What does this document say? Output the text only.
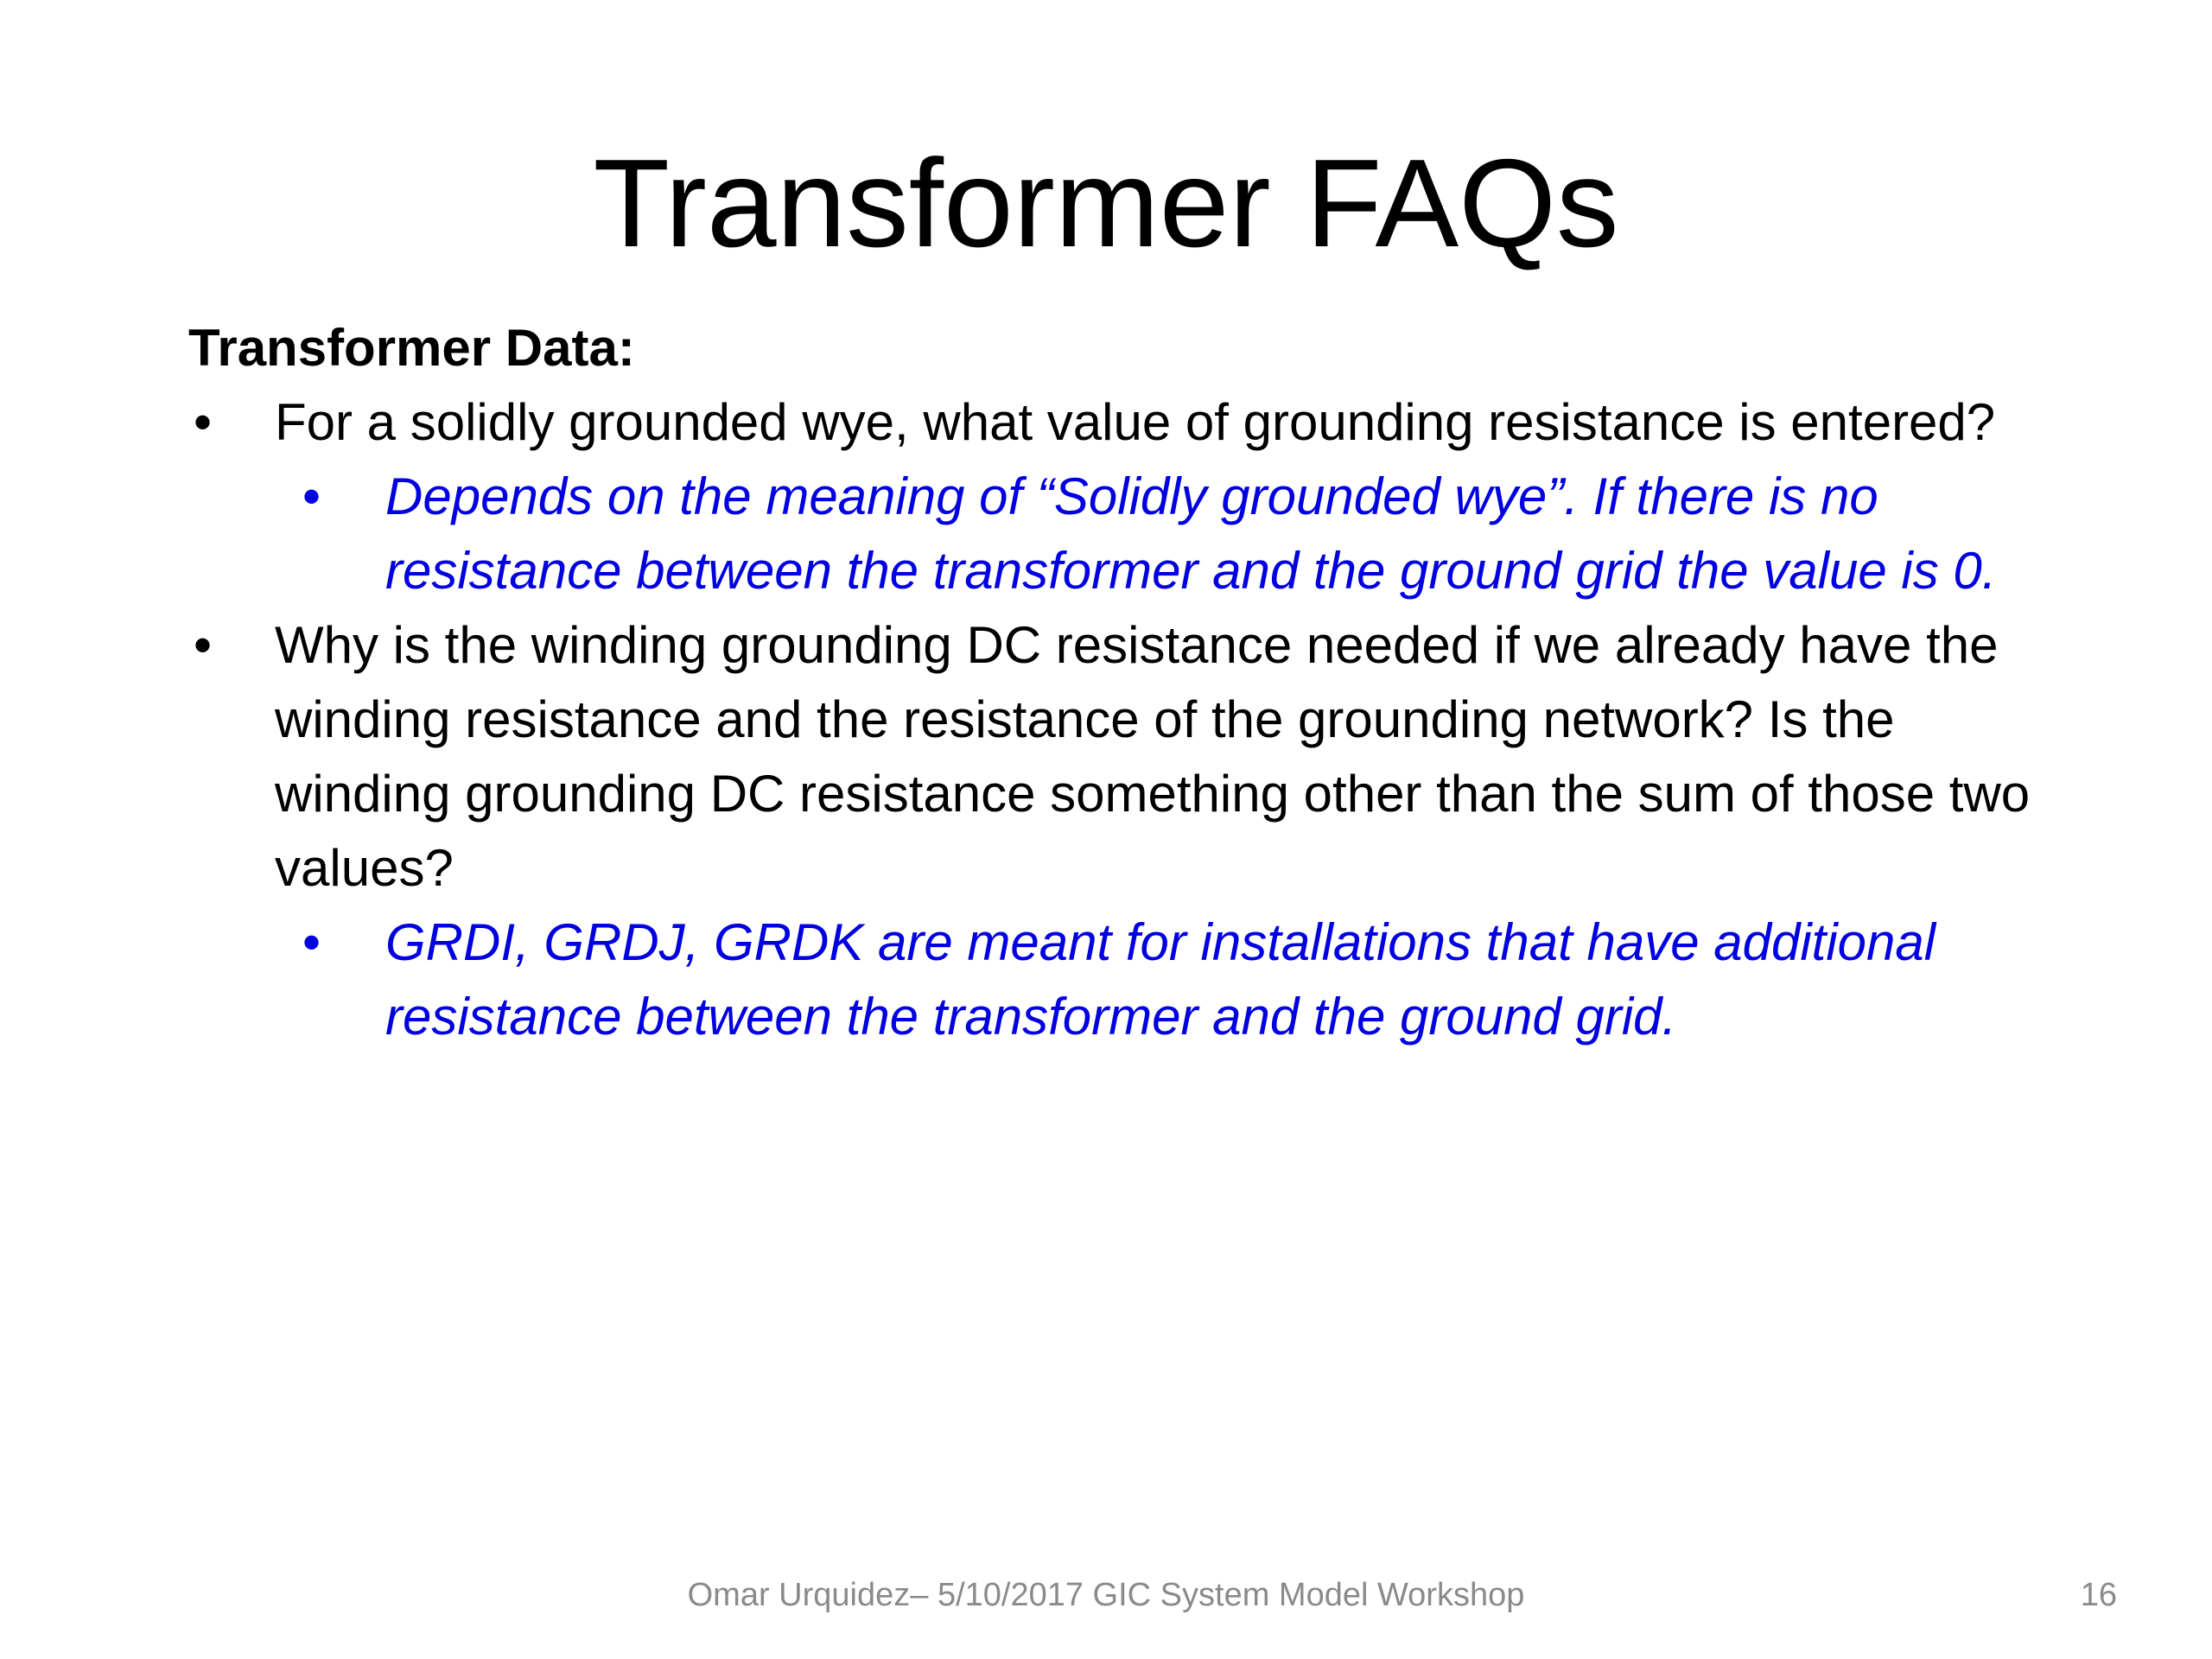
Transformer FAQs
Transformer Data:
• For a solidly grounded wye, what value of grounding resistance is entered?
• Depends on the meaning of “Solidly grounded wye”. If there is no resistance between the transformer and the ground grid the value is 0.
• Why is the winding grounding DC resistance needed if we already have the winding resistance and the resistance of the grounding network? Is the winding grounding DC resistance something other than the sum of those two values?
• GRDI, GRDJ, GRDK are meant for installations that have additional resistance between the transformer and the ground grid.
Omar Urquidez– 5/10/2017 GIC System Model Workshop	16
